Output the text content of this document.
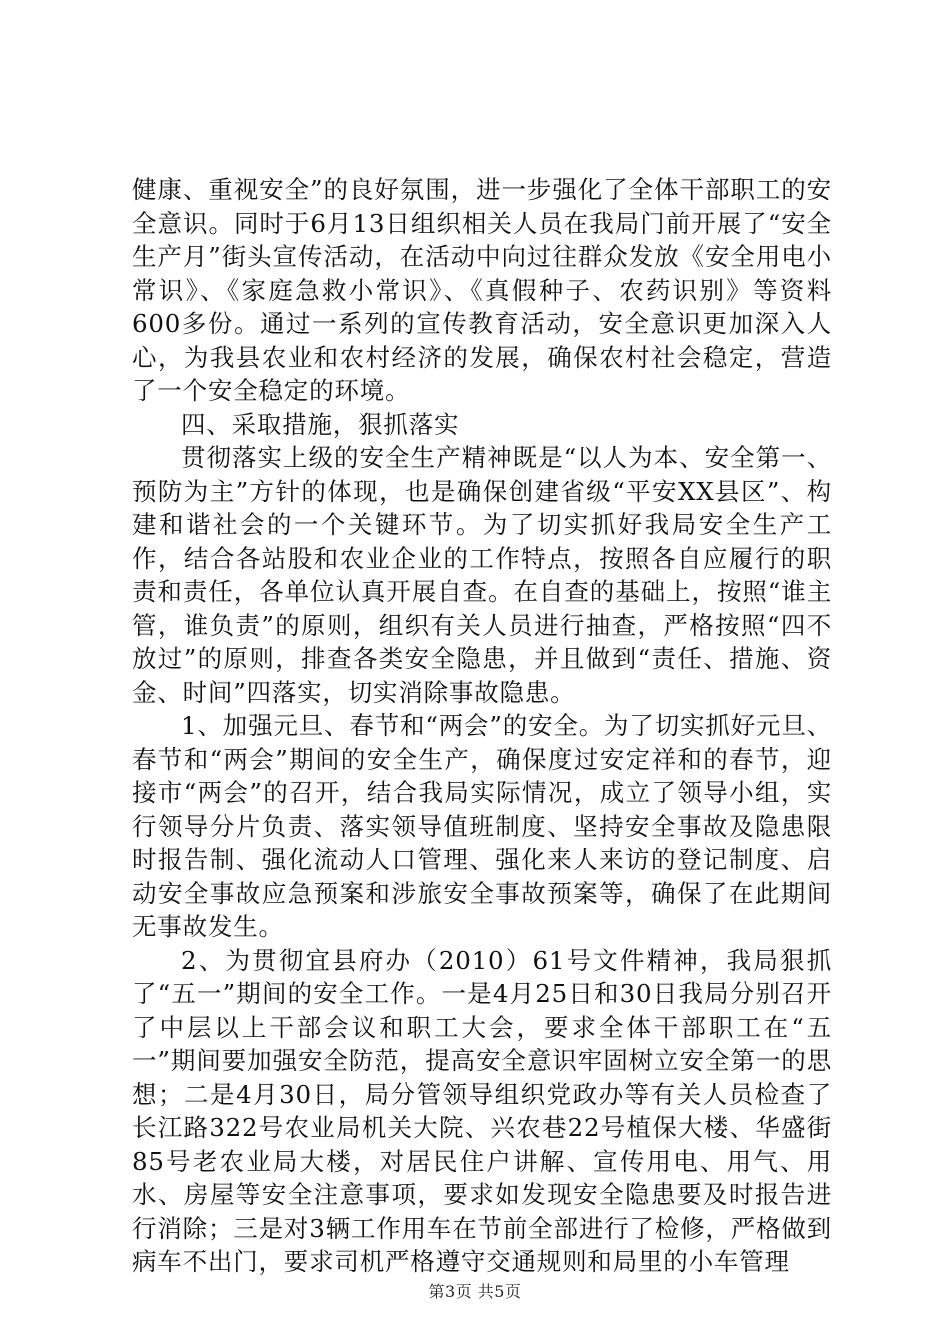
健康、重视安全”的良好氛围，进一步强化了全体干部职工的安全意识。同时于6月13日组织相关人员在我局门前开展了“安全生产月”街头宣传活动，在活动中向过往群众发放《安全用电小常识》、《家庭急救小常识》、《真假种子、农药识别》等资料600多份。通过一系列的宣传教育活动，安全意识更加深入人心，为我县农业和农村经济的发展，确保农村社会稳定，营造了一个安全稳定的环境。

四、采取措施，狠抓落实

贯彻落实上级的安全生产精神既是“以人为本、安全第一、预防为主”方针的体现，也是确保创建省级“平安XX县区”、构建和谐社会的一个关键环节。为了切实抓好我局安全生产工作，结合各站股和农业企业的工作特点，按照各自应履行的职责和责任，各单位认真开展自查。在自查的基础上，按照“谁主管，谁负责”的原则，组织有关人员进行抽查，严格按照“四不放过”的原则，排查各类安全隐患，并且做到“责任、措施、资金、时间”四落实，切实消除事故隐患。

1、加强元旦、春节和“两会”的安全。为了切实抓好元旦、春节和“两会”期间的安全生产，确保度过安定祥和的春节，迎接市“两会”的召开，结合我局实际情况，成立了领导小组，实行领导分片负责、落实领导值班制度、坚持安全事故及隐患限时报告制、强化流动人口管理、强化来人来访的登记制度、启动安全事故应急预案和涉旅安全事故预案等，确保了在此期间无事故发生。

2、为贯彻宜县府办（2010）61号文件精神，我局狠抓了“五一”期间的安全工作。一是4月25日和30日我局分别召开了中层以上干部会议和职工大会，要求全体干部职工在“五一”期间要加强安全防范，提高安全意识牢固树立安全第一的思想；二是4月30日，局分管领导组织党政办等有关人员检查了长江路322号农业局机关大院、兴农巷22号植保大楼、华盛街85号老农业局大楼，对居民住户讲解、宣传用电、用气、用水、房屋等安全注意事项，要求如发现安全隐患要及时报告进行消除；三是对3辆工作用车在节前全部进行了检修，严格做到病车不出门，要求司机严格遵守交通规则和局里的小车管理

第3页 共5页
